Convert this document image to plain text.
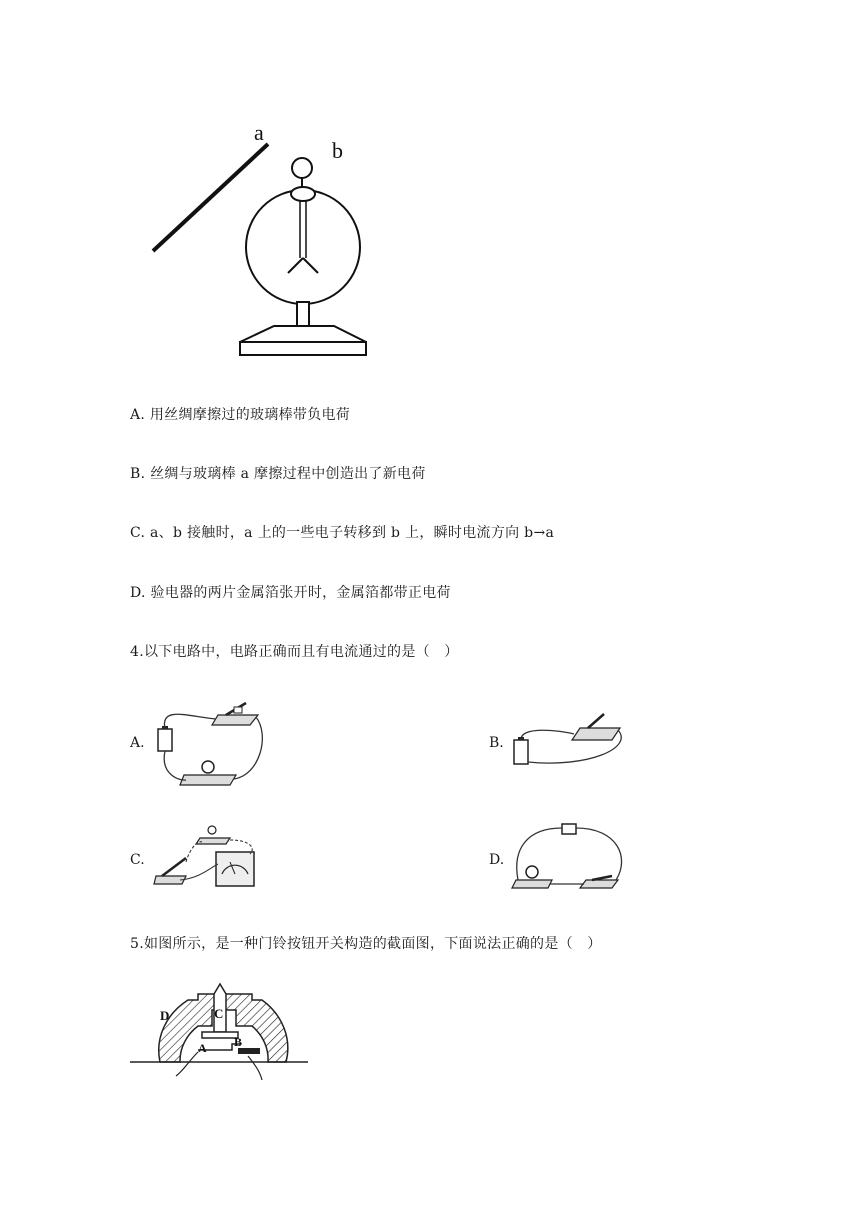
a
b
A. 用丝绸摩擦过的玻璃棒带负电荷
B. 丝绸与玻璃棒 a 摩擦过程中创造出了新电荷
C. a、b 接触时，a 上的一些电子转移到 b 上，瞬时电流方向 b→a
D. 验电器的两片金属箔张开时，金属箔都带正电荷
4.以下电路中，电路正确而且有电流通过的是（　）
A.	B.
C.	D.
5.如图所示，是一种门铃按钮开关构造的截面图，下面说法正确的是（　）
D	C
A B
